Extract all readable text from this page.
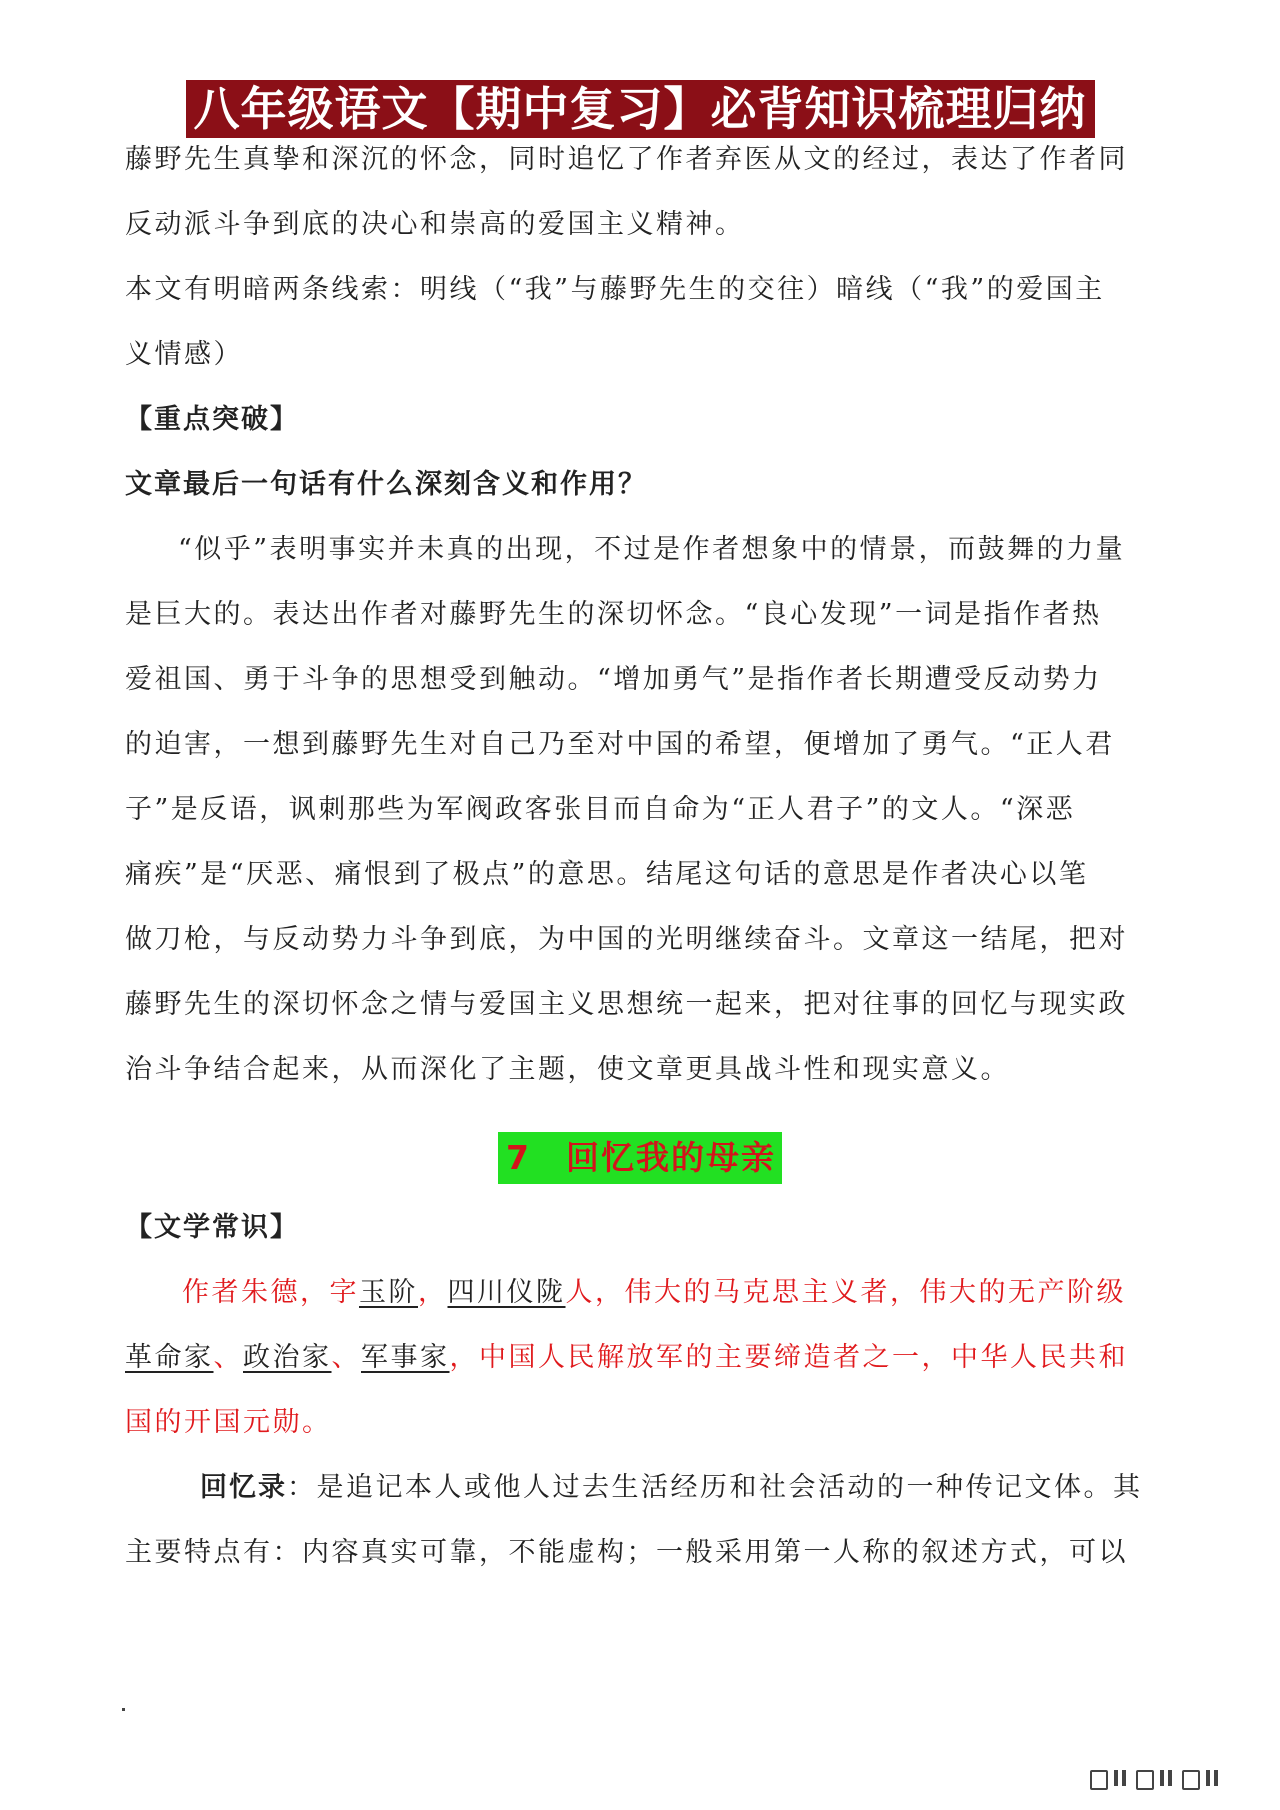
八年级语文【期中复习】必背知识梳理归纳
藤野先生真挚和深沉的怀念，同时追忆了作者弃医从文的经过，表达了作者同
反动派斗争到底的决心和崇高的爱国主义精神。
本文有明暗两条线索：明线（“我”与藤野先生的交往）暗线（“我”的爱国主
义情感）
【重点突破】
文章最后一句话有什么深刻含义和作用？
“似乎”表明事实并未真的出现，不过是作者想象中的情景，而鼓舞的力量
是巨大的。表达出作者对藤野先生的深切怀念。“良心发现”一词是指作者热
爱祖国、勇于斗争的思想受到触动。“增加勇气”是指作者长期遭受反动势力
的迫害，一想到藤野先生对自己乃至对中国的希望，便增加了勇气。“正人君
子”是反语，讽刺那些为军阀政客张目而自命为“正人君子”的文人。“深恶
痛疾”是“厌恶、痛恨到了极点”的意思。结尾这句话的意思是作者决心以笔
做刀枪，与反动势力斗争到底，为中国的光明继续奋斗。文章这一结尾，把对
藤野先生的深切怀念之情与爱国主义思想统一起来，把对往事的回忆与现实政
治斗争结合起来，从而深化了主题，使文章更具战斗性和现实意义。
7　回忆我的母亲
【文学常识】
作者朱德，字玉阶，四川仪陇人，伟大的马克思主义者，伟大的无产阶级
革命家、政治家、军事家，中国人民解放军的主要缔造者之一，中华人民共和
国的开国元勋。
回忆录：是追记本人或他人过去生活经历和社会活动的一种传记文体。其
主要特点有：内容真实可靠，不能虚构；一般采用第一人称的叙述方式，可以
